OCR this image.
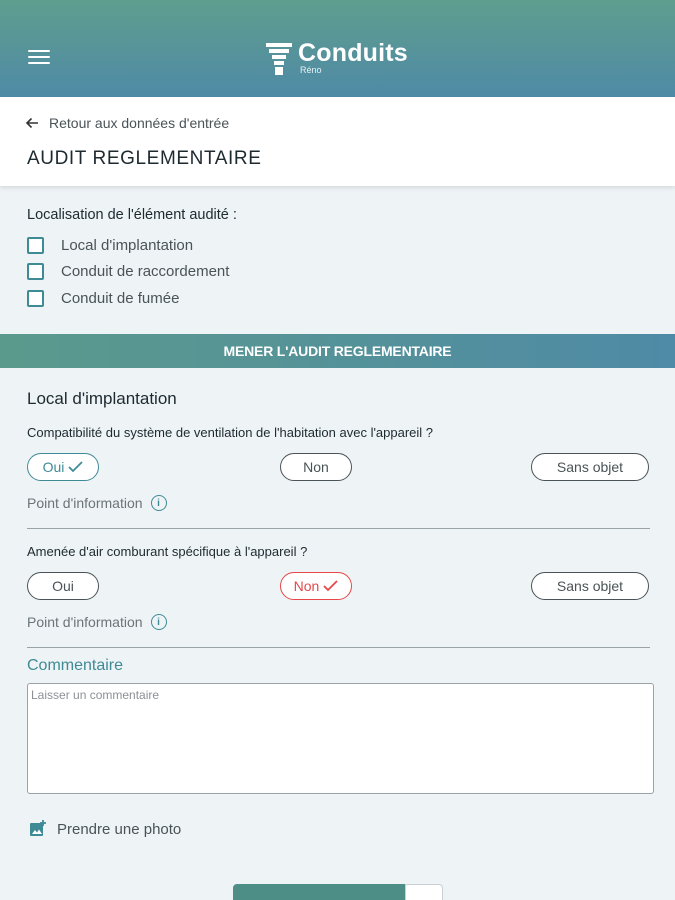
Conduits
Réno
Retour aux données d'entrée
AUDIT REGLEMENTAIRE
Localisation de l'élément audité :
Local d'implantation
Conduit de raccordement
Conduit de fumée
MENER L'AUDIT REGLEMENTAIRE
Local d'implantation
Compatibilité du système de ventilation de l'habitation avec l'appareil ?
Oui	Non	Sans objet
Point d'information	i
Amenée d'air comburant spécifique à l'appareil ?
Oui	Non	Sans objet
Point d'information	i
Commentaire
Laisser un commentaire
Prendre une photo
